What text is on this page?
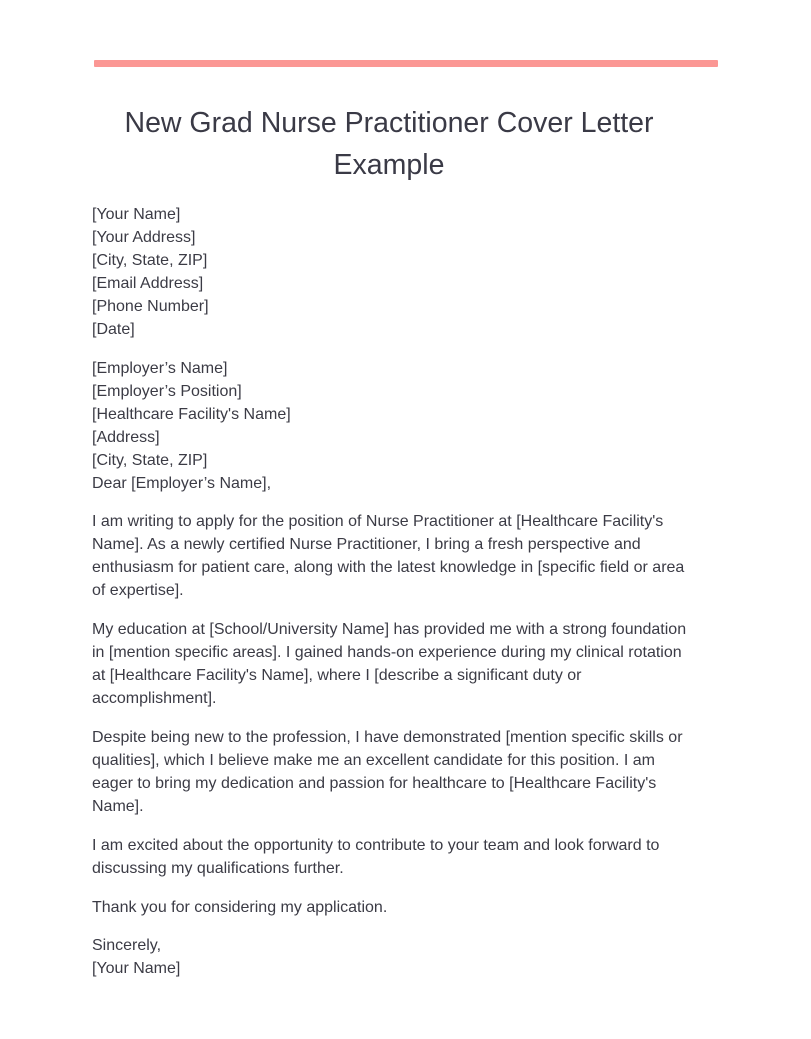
New Grad Nurse Practitioner Cover Letter Example
[Your Name]
[Your Address]
[City, State, ZIP]
[Email Address]
[Phone Number]
[Date]
[Employer’s Name]
[Employer’s Position]
[Healthcare Facility's Name]
[Address]
[City, State, ZIP]
Dear [Employer’s Name],

I am writing to apply for the position of Nurse Practitioner at [Healthcare Facility's Name]. As a newly certified Nurse Practitioner, I bring a fresh perspective and enthusiasm for patient care, along with the latest knowledge in [specific field or area of expertise].

My education at [School/University Name] has provided me with a strong foundation in [mention specific areas]. I gained hands-on experience during my clinical rotation at [Healthcare Facility's Name], where I [describe a significant duty or accomplishment].

Despite being new to the profession, I have demonstrated [mention specific skills or qualities], which I believe make me an excellent candidate for this position. I am eager to bring my dedication and passion for healthcare to [Healthcare Facility's Name].

I am excited about the opportunity to contribute to your team and look forward to discussing my qualifications further.

Thank you for considering my application.

Sincerely,
[Your Name]
